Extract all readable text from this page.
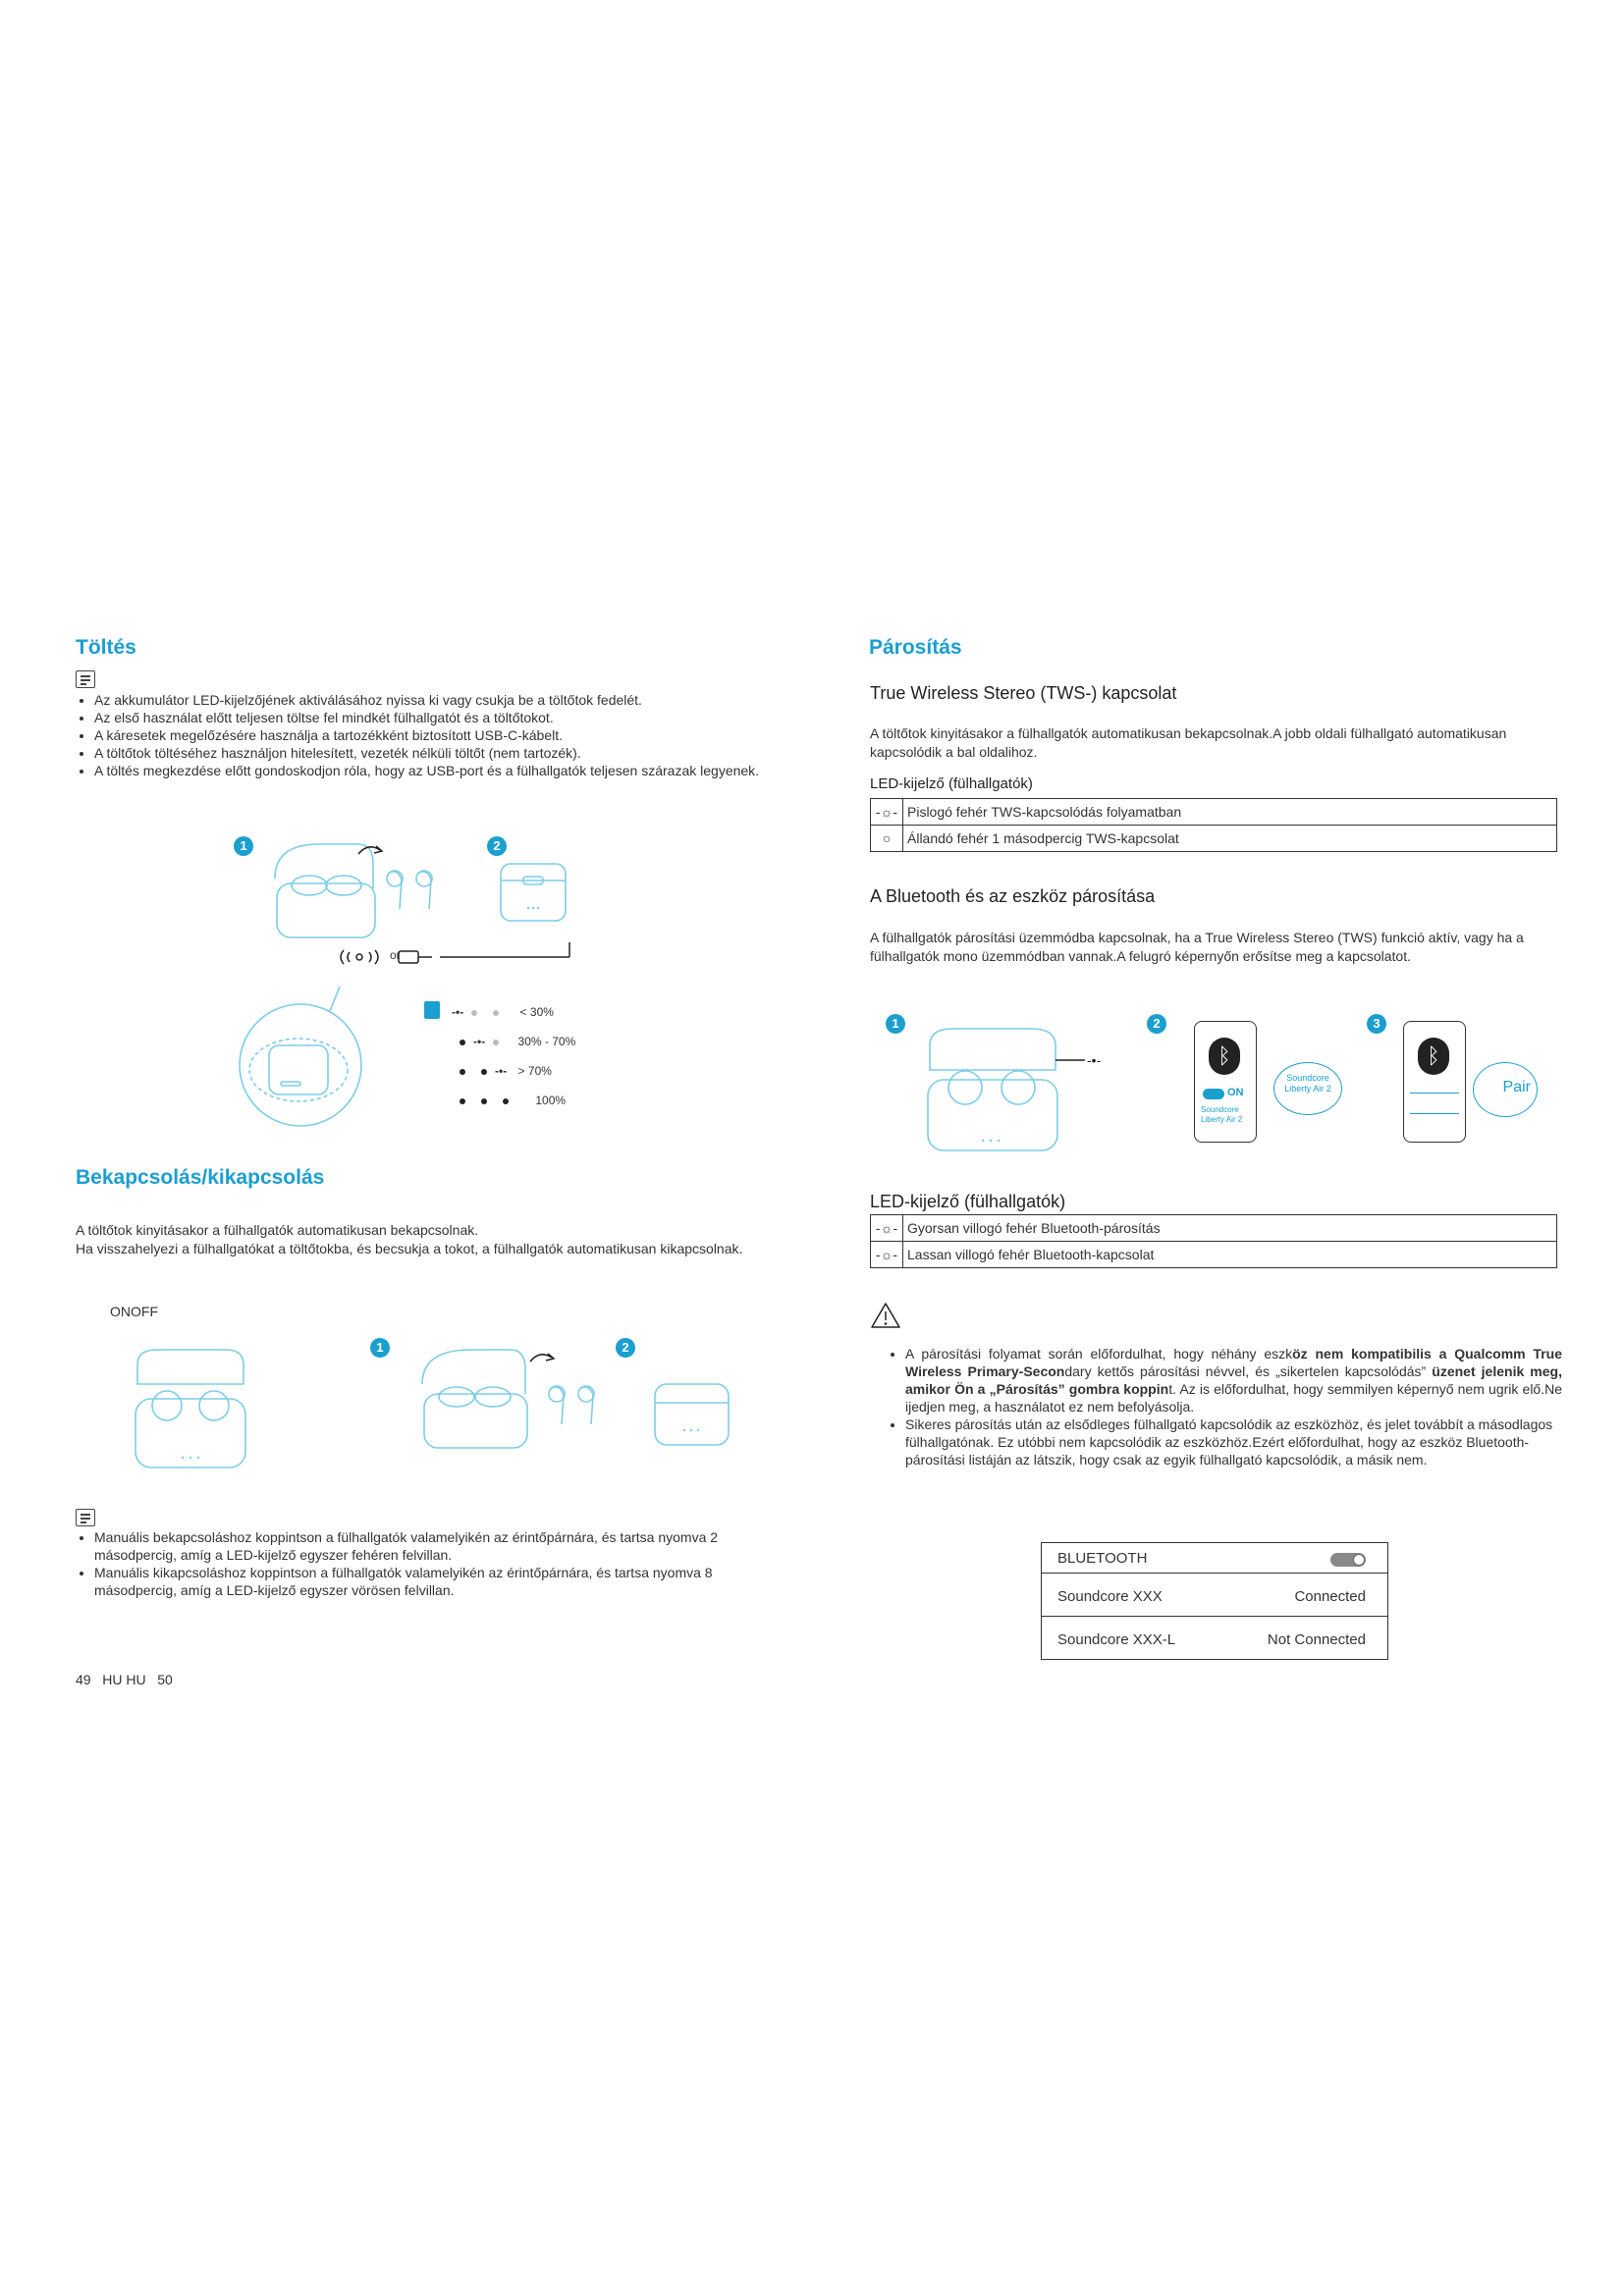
Töltés
• Az akkumulátor LED-kijelzőjének aktiválásához nyissa ki vagy csukja be a töltőtok fedelét.
• Az első használat előtt teljesen töltse fel mindkét fülhallgatót és a töltőtokot.
• A káresetek megelőzésére használja a tartozékként biztosított USB-C-kábelt.
• A töltőtok töltéséhez használjon hitelesített, vezeték nélküli töltőt (nem tartozék).
• A töltés megkezdése előtt gondoskodjon róla, hogy az USB-port és a fülhallgatók teljesen szárazak legyenek.
1	2
or
-•-	< 30%
-•-	30% - 70%
-•- > 70%
100%
Bekapcsolás/kikapcsolás
A töltőtok kinyitásakor a fülhallgatók automatikusan bekapcsolnak.
Ha visszahelyezi a fülhallgatókat a töltőtokba, és becsukja a tokot, a fülhallgatók automatikusan kikapcsolnak.
ONOFF
1	2
• Manuális bekapcsoláshoz koppintson a fülhallgatók valamelyikén az érintőpárnára, és tartsa nyomva 2 másodpercig, amíg a LED-kijelző egyszer fehéren felvillan.
• Manuális kikapcsoláshoz koppintson a fülhallgatók valamelyikén az érintőpárnára, és tartsa nyomva 8 másodpercig, amíg a LED-kijelző egyszer vörösen felvillan.
49   HU HU   50
Párosítás
True Wireless Stereo (TWS-) kapcsolat
A töltőtok kinyitásakor a fülhallgatók automatikusan bekapcsolnak.A jobb oldali fülhallgató automatikusan kapcsolódik a bal oldalihoz.
LED-kijelző (fülhallgatók)
-☼-	Pislogó fehér TWS-kapcsolódás folyamatban
○	Állandó fehér 1 másodpercig TWS-kapcsolat
A Bluetooth és az eszköz párosítása
A fülhallgatók párosítási üzemmódba kapcsolnak, ha a True Wireless Stereo (TWS) funkció aktív, vagy ha a fülhallgatók mono üzemmódban vannak.A felugró képernyőn erősítse meg a kapcsolatot.
1	2	3
-•-	ᛒ
ON
Soundcore Liberty Air 2
Soundcore Liberty Air 2
ᛒ
Pair
LED-kijelző (fülhallgatók)
-☼-	Gyorsan villogó fehér Bluetooth-párosítás
-☼-	Lassan villogó fehér Bluetooth-kapcsolat
• A párosítási folyamat során előfordulhat, hogy néhány eszköz nem kompatibilis a Qualcomm True Wireless Primary-Secondary kettős párosítási névvel, és „sikertelen kapcsolódás” üzenet jelenik meg, amikor Ön a „Párosítás” gombra koppint. Az is előfordulhat, hogy semmilyen képernyő nem ugrik elő.Ne ijedjen meg, a használatot ez nem befolyásolja.
• Sikeres párosítás után az elsődleges fülhallgató kapcsolódik az eszközhöz, és jelet továbbít a másodlagos fülhallgatónak. Ez utóbbi nem kapcsolódik az eszközhöz.Ezért előfordulhat, hogy az eszköz Bluetooth-párosítási listáján az látszik, hogy csak az egyik fülhallgató kapcsolódik, a másik nem.
BLUETOOTH
Soundcore XXX	Connected
Soundcore XXX-L	Not Connected
